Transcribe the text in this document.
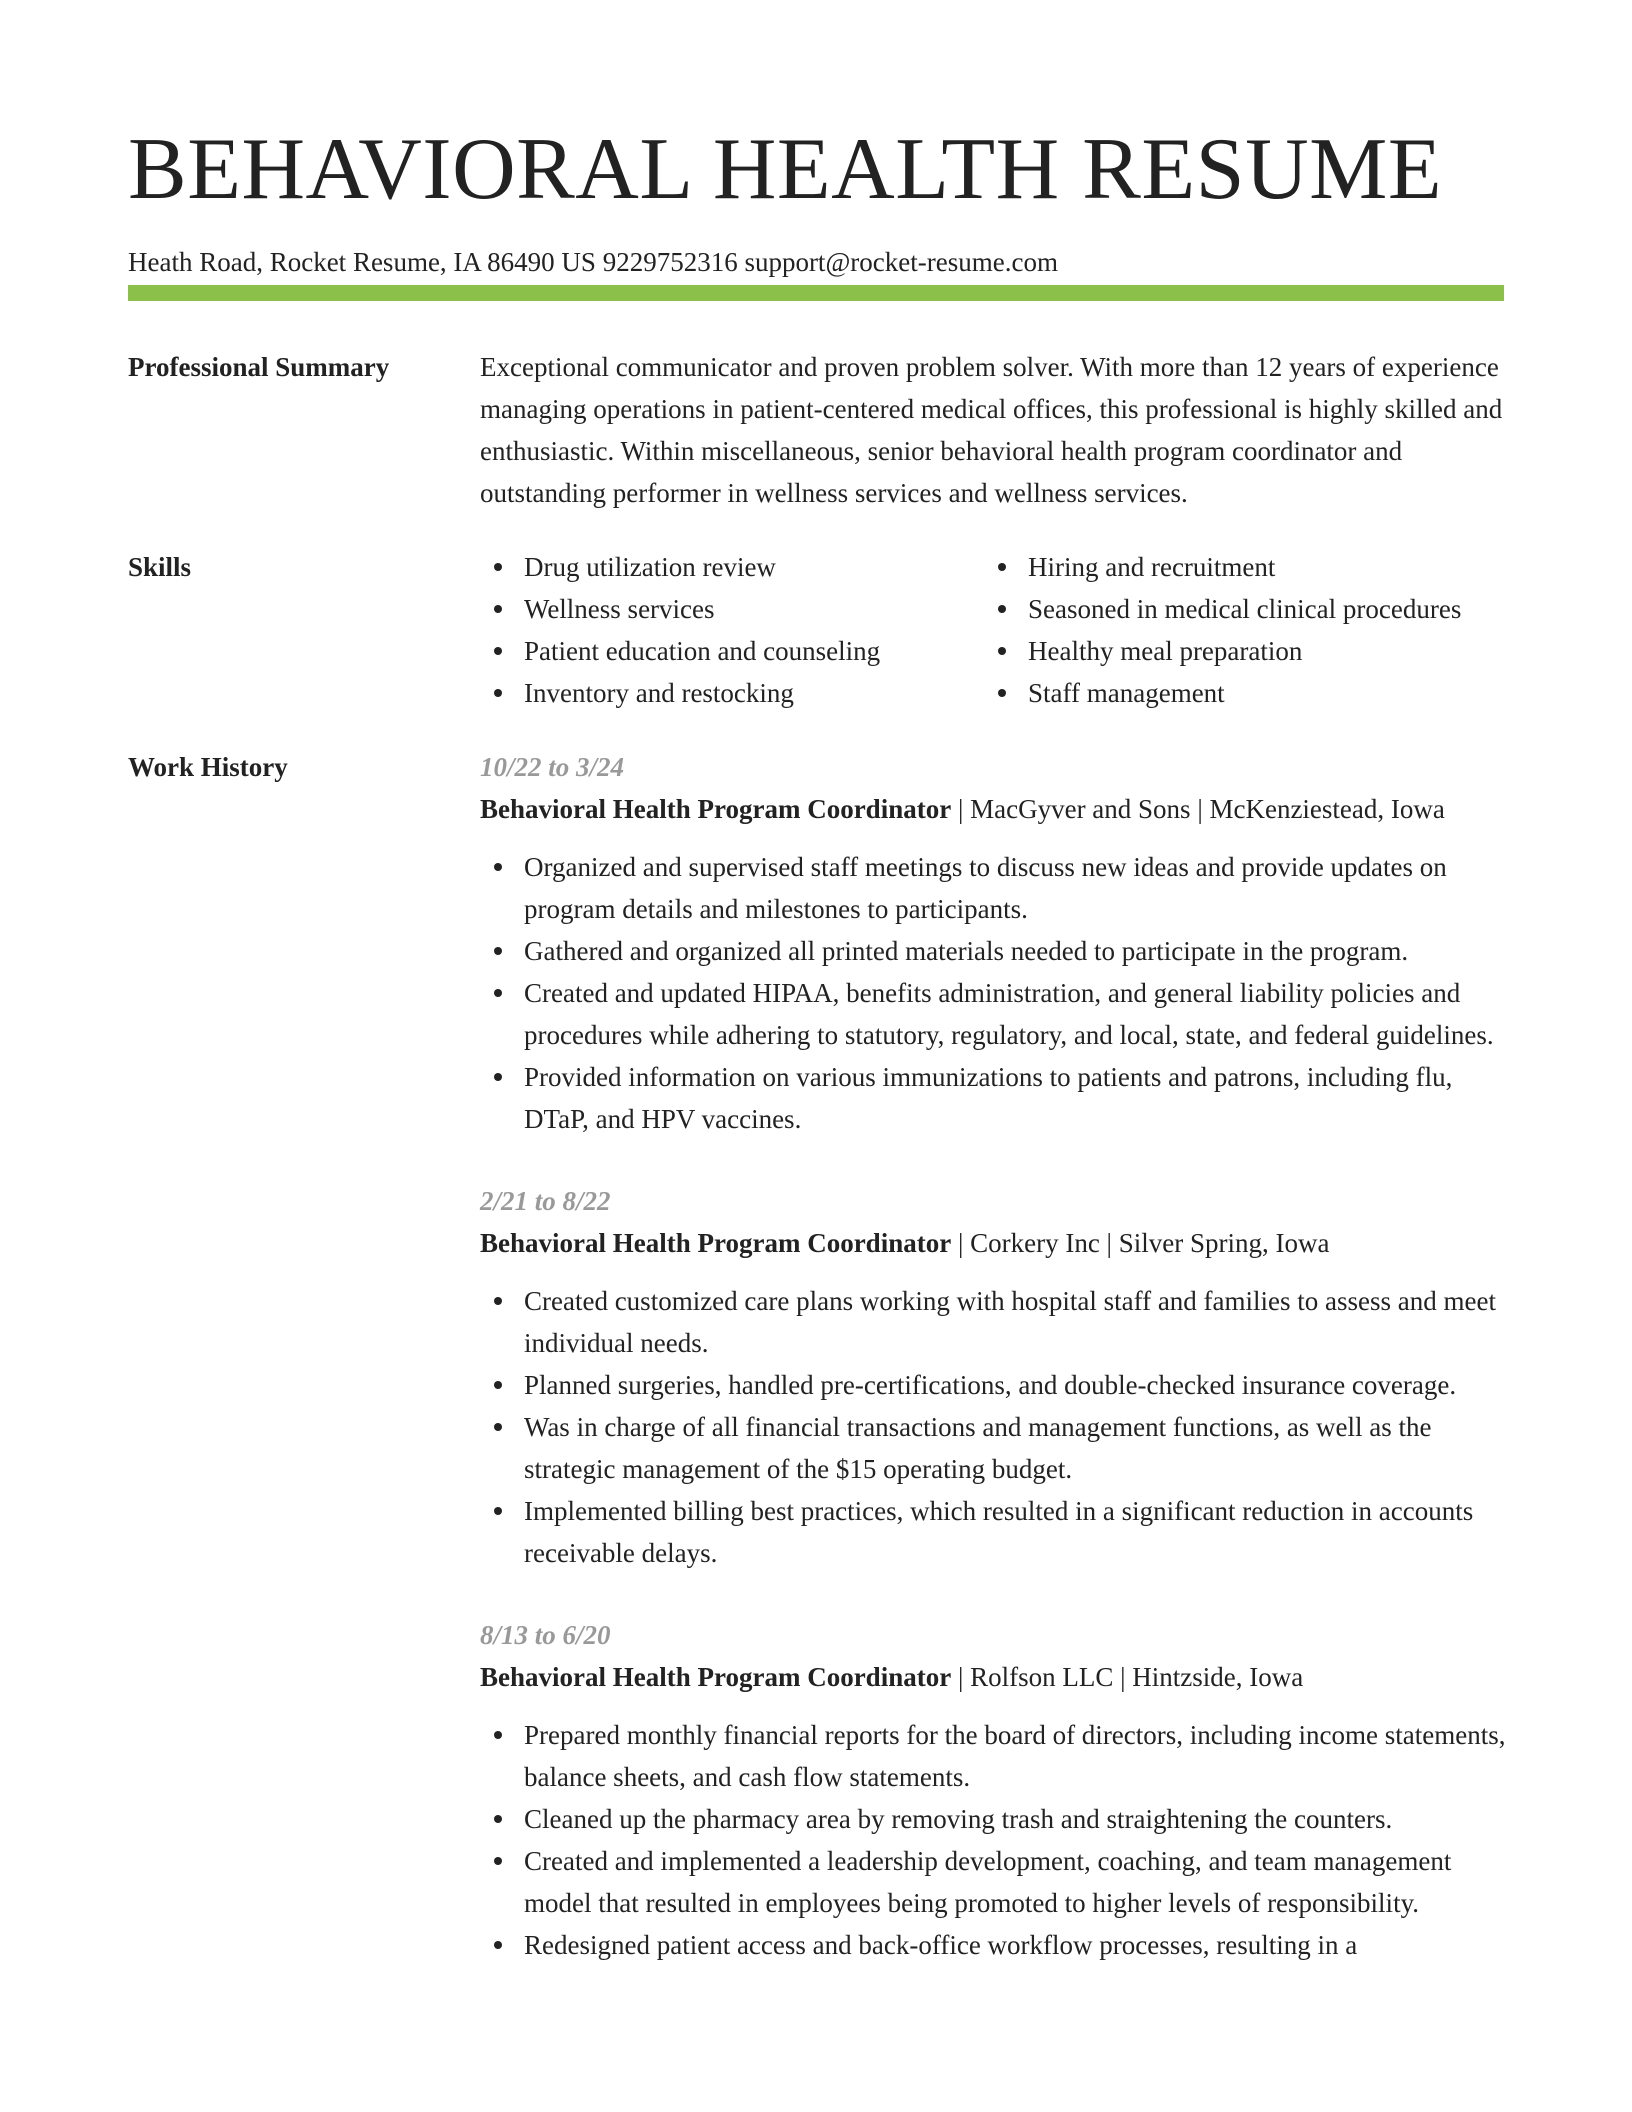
BEHAVIORAL HEALTH RESUME
Heath Road, Rocket Resume, IA 86490 US 9229752316 support@rocket-resume.com
Professional Summary	Exceptional communicator and proven problem solver. With more than 12 years of experience managing operations in patient-centered medical offices, this professional is highly skilled and enthusiastic. Within miscellaneous, senior behavioral health program coordinator and outstanding performer in wellness services and wellness services.

Skills	Drug utilization review
Wellness services
Patient education and counseling
Inventory and restocking
Hiring and recruitment
Seasoned in medical clinical procedures
Healthy meal preparation
Staff management
Work History	10/22 to 3/24

Behavioral Health Program Coordinator | MacGyver and Sons | McKenziestead, Iowa

Organized and supervised staff meetings to discuss new ideas and provide updates on program details and milestones to participants.
Gathered and organized all printed materials needed to participate in the program.
Created and updated HIPAA, benefits administration, and general liability policies and procedures while adhering to statutory, regulatory, and local, state, and federal guidelines.
Provided information on various immunizations to patients and patrons, including flu, DTaP, and HPV vaccines.

2/21 to 8/22

Behavioral Health Program Coordinator | Corkery Inc | Silver Spring, Iowa

Created customized care plans working with hospital staff and families to assess and meet individual needs.
Planned surgeries, handled pre-certifications, and double-checked insurance coverage.
Was in charge of all financial transactions and management functions, as well as the strategic management of the $15 operating budget.
Implemented billing best practices, which resulted in a significant reduction in accounts receivable delays.

8/13 to 6/20

Behavioral Health Program Coordinator | Rolfson LLC | Hintzside, Iowa

Prepared monthly financial reports for the board of directors, including income statements, balance sheets, and cash flow statements.
Cleaned up the pharmacy area by removing trash and straightening the counters.
Created and implemented a leadership development, coaching, and team management model that resulted in employees being promoted to higher levels of responsibility.
Redesigned patient access and back-office workflow processes, resulting in a
